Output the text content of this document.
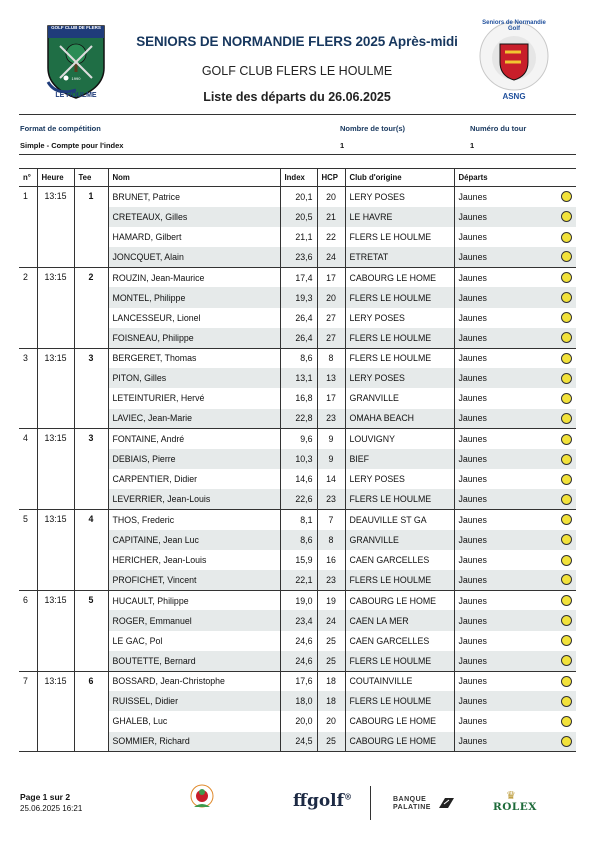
GOLF CLUB DE FLERS
1990
LE HOULME
SENIORS DE NORMANDIE FLERS 2025 Après-midi
GOLF CLUB FLERS LE HOULME
Liste des départs du 26.06.2025
Seniors de Normandie Golf
ASNG
Format de compétition
Simple - Compte pour l'index
Nombre de tour(s)
1
Numéro du tour
1
n°	Heure	Tee	Nom	Index	HCP	Club d'origine	Départs	
1	13:15	1	BRUNET, Patrice	20,1	20	LERY POSES	Jaunes	
			CRETEAUX, Gilles	20,5	21	LE HAVRE	Jaunes	
			HAMARD, Gilbert	21,1	22	FLERS LE HOULME	Jaunes	
			JONCQUET, Alain	23,6	24	ETRETAT	Jaunes	
2	13:15	2	ROUZIN, Jean-Maurice	17,4	17	CABOURG LE HOME	Jaunes	
			MONTEL, Philippe	19,3	20	FLERS LE HOULME	Jaunes	
			LANCESSEUR, Lionel	26,4	27	LERY POSES	Jaunes	
			FOISNEAU, Philippe	26,4	27	FLERS LE HOULME	Jaunes	
3	13:15	3	BERGERET, Thomas	8,6	8	FLERS LE HOULME	Jaunes	
			PITON, Gilles	13,1	13	LERY POSES	Jaunes	
			LETEINTURIER, Hervé	16,8	17	GRANVILLE	Jaunes	
			LAVIEC, Jean-Marie	22,8	23	OMAHA BEACH	Jaunes	
4	13:15	3	FONTAINE, André	9,6	9	LOUVIGNY	Jaunes	
			DEBIAIS, Pierre	10,3	9	BIEF	Jaunes	
			CARPENTIER, Didier	14,6	14	LERY POSES	Jaunes	
			LEVERRIER, Jean-Louis	22,6	23	FLERS LE HOULME	Jaunes	
5	13:15	4	THOS, Frederic	8,1	7	DEAUVILLE ST GA	Jaunes	
			CAPITAINE, Jean Luc	8,6	8	GRANVILLE	Jaunes	
			HERICHER, Jean-Louis	15,9	16	CAEN GARCELLES	Jaunes	
			PROFICHET, Vincent	22,1	23	FLERS LE HOULME	Jaunes	
6	13:15	5	HUCAULT, Philippe	19,0	19	CABOURG LE HOME	Jaunes	
			ROGER, Emmanuel	23,4	24	CAEN LA MER	Jaunes	
			LE GAC, Pol	24,6	25	CAEN GARCELLES	Jaunes	
			BOUTETTE, Bernard	24,6	25	FLERS LE HOULME	Jaunes	
7	13:15	6	BOSSARD, Jean-Christophe	17,6	18	COUTAINVILLE	Jaunes	
			RUISSEL, Didier	18,0	18	FLERS LE HOULME	Jaunes	
			GHALEB, Luc	20,0	20	CABOURG LE HOME	Jaunes	
			SOMMIER, Richard	24,5	25	CABOURG LE HOME	Jaunes	
Page 1 sur 2
25.06.2025 16:21	ffgolf®	BANQUE
PALATINE
♛
ROLEX
